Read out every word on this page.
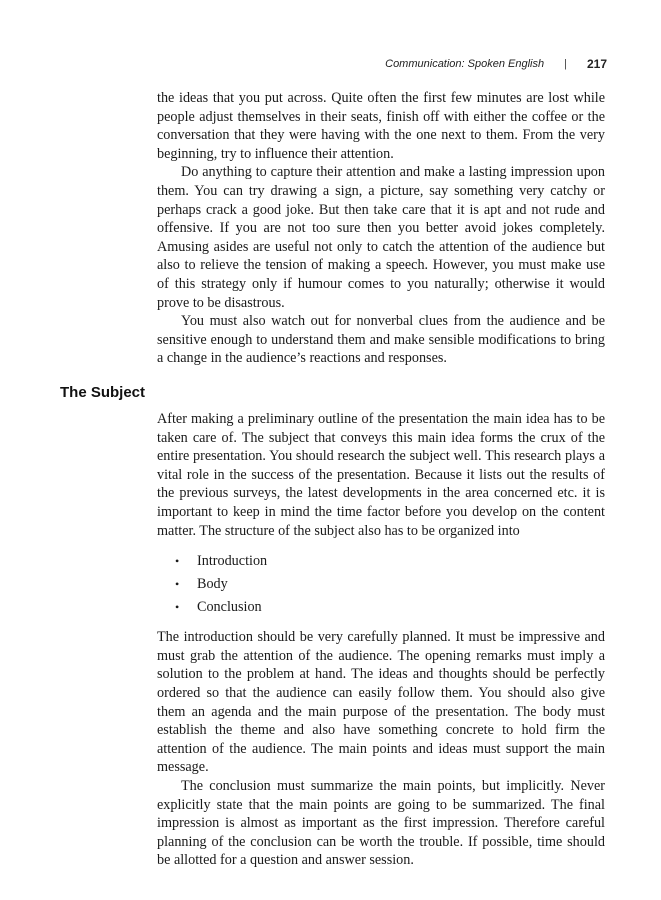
Communication: Spoken English | 217

the ideas that you put across. Quite often the first few minutes are lost while people adjust themselves in their seats, finish off with either the coffee or the conversation that they were having with the one next to them. From the very beginning, try to influence their attention.

Do anything to capture their attention and make a lasting impression upon them. You can try drawing a sign, a picture, say something very catchy or perhaps crack a good joke. But then take care that it is apt and not rude and offensive. If you are not too sure then you better avoid jokes completely. Amusing asides are useful not only to catch the attention of the audience but also to relieve the tension of making a speech. However, you must make use of this strategy only if humour comes to you naturally; otherwise it would prove to be disastrous.

You must also watch out for nonverbal clues from the audience and be sensitive enough to understand them and make sensible modifications to bring a change in the audience’s reactions and responses.

The Subject

After making a preliminary outline of the presentation the main idea has to be taken care of. The subject that conveys this main idea forms the crux of the entire presentation. You should research the subject well. This research plays a vital role in the success of the presentation. Because it lists out the results of the previous surveys, the latest developments in the area concerned etc. it is important to keep in mind the time factor before you develop on the content matter. The structure of the subject also has to be organized into

• Introduction
• Body
• Conclusion

The introduction should be very carefully planned. It must be impressive and must grab the attention of the audience. The opening remarks must imply a solution to the problem at hand. The ideas and thoughts should be perfectly ordered so that the audience can easily follow them. You should also give them an agenda and the main purpose of the presentation. The body must establish the theme and also have something concrete to hold firm the attention of the audience. The main points and ideas must support the main message.

The conclusion must summarize the main points, but implicitly. Never explicitly state that the main points are going to be summarized. The final impression is almost as important as the first impression. Therefore careful planning of the conclusion can be worth the trouble. If possible, time should be allotted for a question and answer session.
